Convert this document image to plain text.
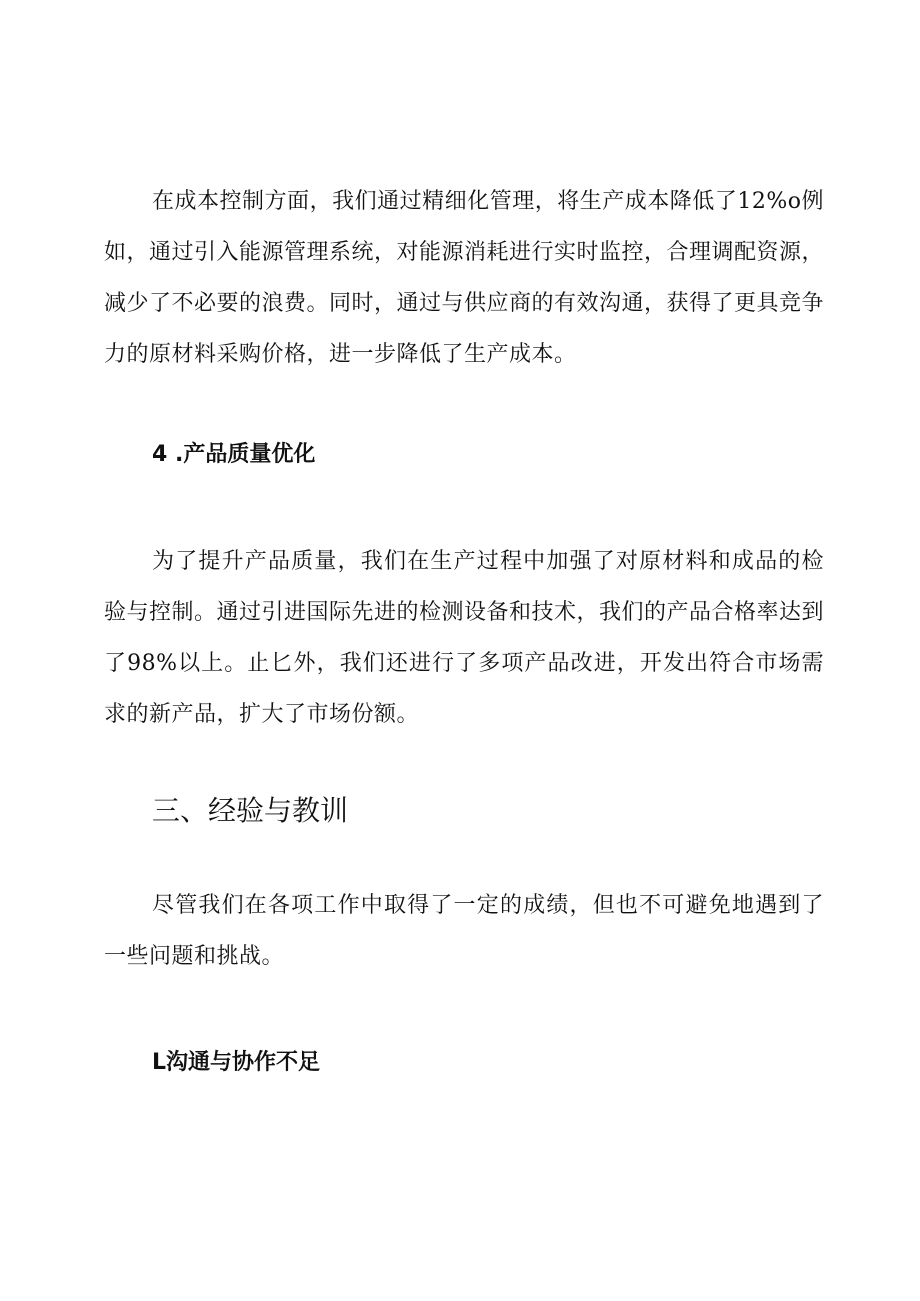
在成本控制方面，我们通过精细化管理，将生产成本降低了12%o例如，通过引入能源管理系统，对能源消耗进行实时监控，合理调配资源，减少了不必要的浪费。同时，通过与供应商的有效沟通，获得了更具竞争力的原材料采购价格，进一步降低了生产成本。

4 .产品质量优化

为了提升产品质量，我们在生产过程中加强了对原材料和成品的检验与控制。通过引进国际先进的检测设备和技术，我们的产品合格率达到了98%以上。止匕外，我们还进行了多项产品改进，开发出符合市场需求的新产品，扩大了市场份额。

三、经验与教训

尽管我们在各项工作中取得了一定的成绩，但也不可避免地遇到了一些问题和挑战。

L沟通与协作不足
